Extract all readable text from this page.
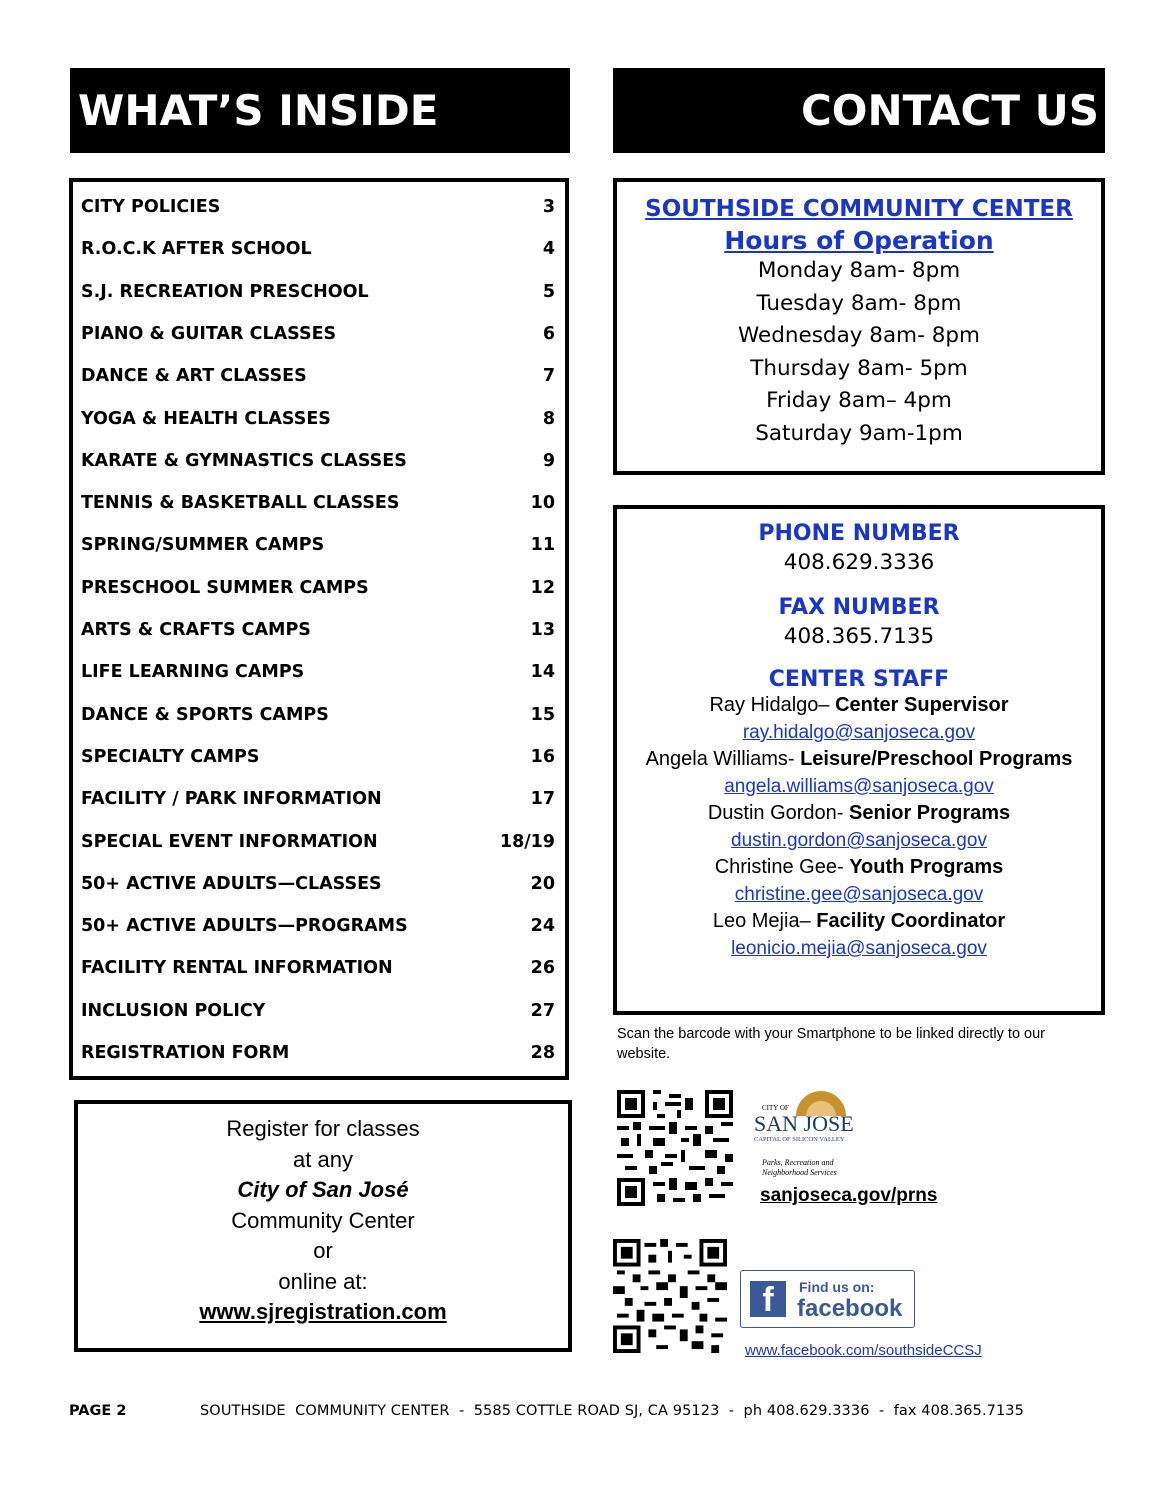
WHAT’S INSIDE	CONTACT US
CITY POLICIES	3
R.O.C.K AFTER SCHOOL	4
S.J. RECREATION PRESCHOOL	5
PIANO & GUITAR CLASSES	6
DANCE & ART CLASSES	7
YOGA & HEALTH CLASSES	8
KARATE & GYMNASTICS CLASSES	9
TENNIS & BASKETBALL CLASSES	10
SPRING/SUMMER CAMPS	11
PRESCHOOL SUMMER CAMPS	12
ARTS & CRAFTS CAMPS	13
LIFE LEARNING CAMPS	14
DANCE & SPORTS CAMPS	15
SPECIALTY CAMPS	16
FACILITY / PARK INFORMATION	17
SPECIAL EVENT INFORMATION	18/19
50+ ACTIVE ADULTS—CLASSES	20
50+ ACTIVE ADULTS—PROGRAMS	24
FACILITY RENTAL INFORMATION	26
INCLUSION POLICY	27
REGISTRATION FORM	28
Register for classes
at any
City of San José
Community Center
or
online at:
www.sjregistration.com
SOUTHSIDE COMMUNITY CENTER
Hours of Operation
Monday 8am- 8pm
Tuesday 8am- 8pm
Wednesday 8am- 8pm
Thursday 8am- 5pm
Friday 8am– 4pm
Saturday 9am-1pm
PHONE NUMBER
408.629.3336
FAX NUMBER
408.365.7135
CENTER STAFF
Ray Hidalgo– Center Supervisor
ray.hidalgo@sanjoseca.gov
Angela Williams- Leisure/Preschool Programs
angela.williams@sanjoseca.gov
Dustin Gordon- Senior Programs
dustin.gordon@sanjoseca.gov
Christine Gee- Youth Programs
christine.gee@sanjoseca.gov
Leo Mejia– Facility Coordinator
leonicio.mejia@sanjoseca.gov
Scan the barcode with your Smartphone to be linked directly to our website.
CITY OF
SAN JOSE
CAPITAL OF SILICON VALLEY
Parks, Recreation and
Neighborhood Services
sanjoseca.gov/prns
f	Find us on:
facebook
www.facebook.com/southsideCCSJ
PAGE 2	SOUTHSIDE  COMMUNITY CENTER  -  5585 COTTLE ROAD SJ, CA 95123  -  ph 408.629.3336  -  fax 408.365.7135
